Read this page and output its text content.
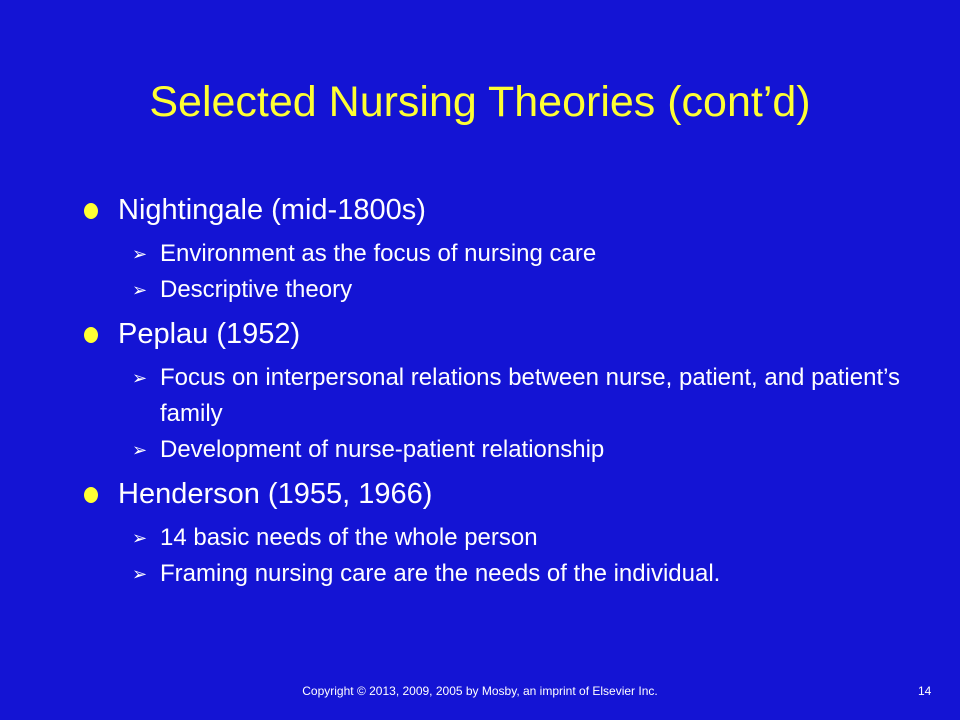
Selected Nursing Theories (cont’d)
Nightingale (mid-1800s)
➢ Environment as the focus of nursing care
➢ Descriptive theory
Peplau (1952)
➢ Focus on interpersonal relations between nurse, patient, and patient’s family
➢ Development of nurse-patient relationship
Henderson (1955, 1966)
➢ 14 basic needs of the whole person
➢ Framing nursing care are the needs of the individual.
Copyright © 2013, 2009, 2005 by Mosby, an imprint of Elsevier Inc.	14
